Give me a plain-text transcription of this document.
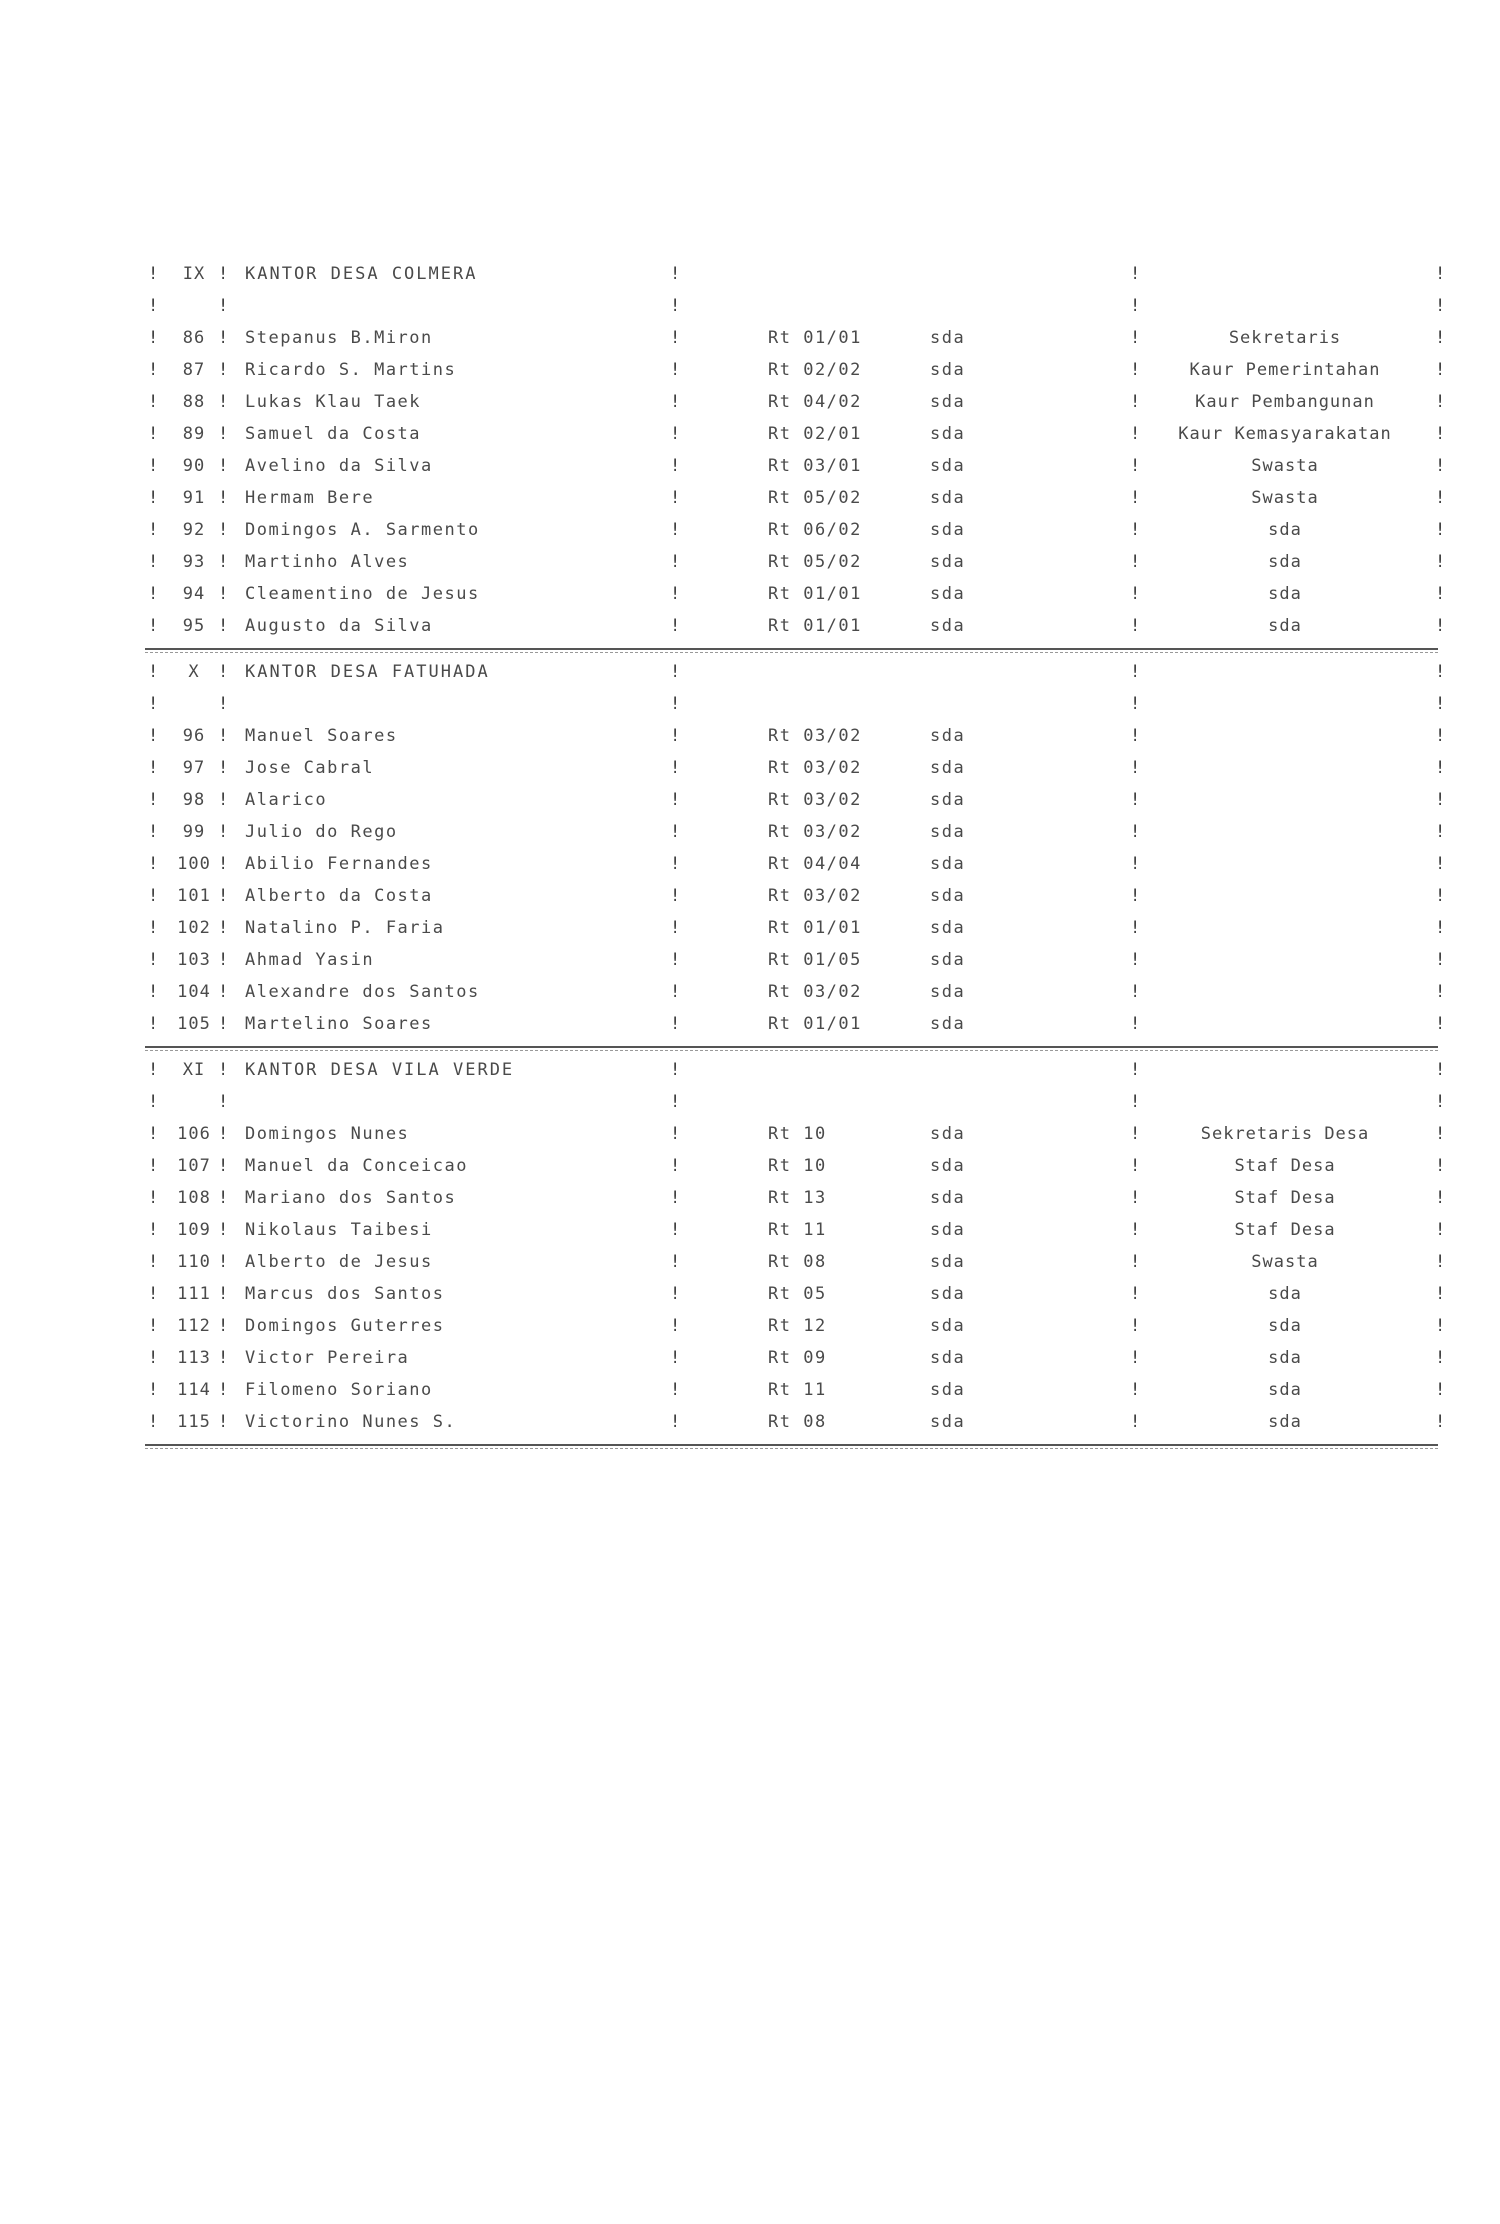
!	IX ! KANTOR DESA COLMERA	!	!	!
!	!	!	!	!
!	86 ! Stepanus B.Miron	!	Rt 01/01	sda	!	Sekretaris	!
!	87 ! Ricardo S. Martins	!	Rt 02/02	sda	!	Kaur Pemerintahan	!
!	88 ! Lukas Klau Taek	!	Rt 04/02	sda	!	Kaur Pembangunan	!
!	89 ! Samuel da Costa	!	Rt 02/01	sda	!	Kaur Kemasyarakatan	!
!	90 ! Avelino da Silva	!	Rt 03/01	sda	!	Swasta	!
!	91 ! Hermam Bere	!	Rt 05/02	sda	!	Swasta	!
!	92 ! Domingos A. Sarmento	!	Rt 06/02	sda	!	sda	!
!	93 ! Martinho Alves	!	Rt 05/02	sda	!	sda	!
!	94 ! Cleamentino de Jesus	!	Rt 01/01	sda	!	sda	!
!	95 ! Augusto da Silva	!	Rt 01/01	sda	!	sda	!
!	X	! KANTOR DESA FATUHADA	!	!	!
!	!	!	!	!
!	96 ! Manuel Soares	!	Rt 03/02	sda	!	!
!	97 ! Jose Cabral	!	Rt 03/02	sda	!	!
!	98 ! Alarico	!	Rt 03/02	sda	!	!
!	99 ! Julio do Rego	!	Rt 03/02	sda	!	!
!	100 ! Abilio Fernandes	!	Rt 04/04	sda	!	!
!	101 ! Alberto da Costa	!	Rt 03/02	sda	!	!
!	102 ! Natalino P. Faria	!	Rt 01/01	sda	!	!
!	103 ! Ahmad Yasin	!	Rt 01/05	sda	!	!
!	104 ! Alexandre dos Santos	!	Rt 03/02	sda	!	!
!	105 ! Martelino Soares	!	Rt 01/01	sda	!	!
!	XI ! KANTOR DESA VILA VERDE	!	!	!
!	!	!	!	!
!	106 ! Domingos Nunes	!	Rt 10	sda	!	Sekretaris Desa	!
!	107 ! Manuel da Conceicao	!	Rt 10	sda	!	Staf Desa	!
!	108 ! Mariano dos Santos	!	Rt 13	sda	!	Staf Desa	!
!	109 ! Nikolaus Taibesi	!	Rt 11	sda	!	Staf Desa	!
!	110 ! Alberto de Jesus	!	Rt 08	sda	!	Swasta	!
!	111 ! Marcus dos Santos	!	Rt 05	sda	!	sda	!
!	112 ! Domingos Guterres	!	Rt 12	sda	!	sda	!
!	113 ! Victor Pereira	!	Rt 09	sda	!	sda	!
!	114 ! Filomeno Soriano	!	Rt 11	sda	!	sda	!
!	115 ! Victorino Nunes S.	!	Rt 08	sda	!	sda	!
